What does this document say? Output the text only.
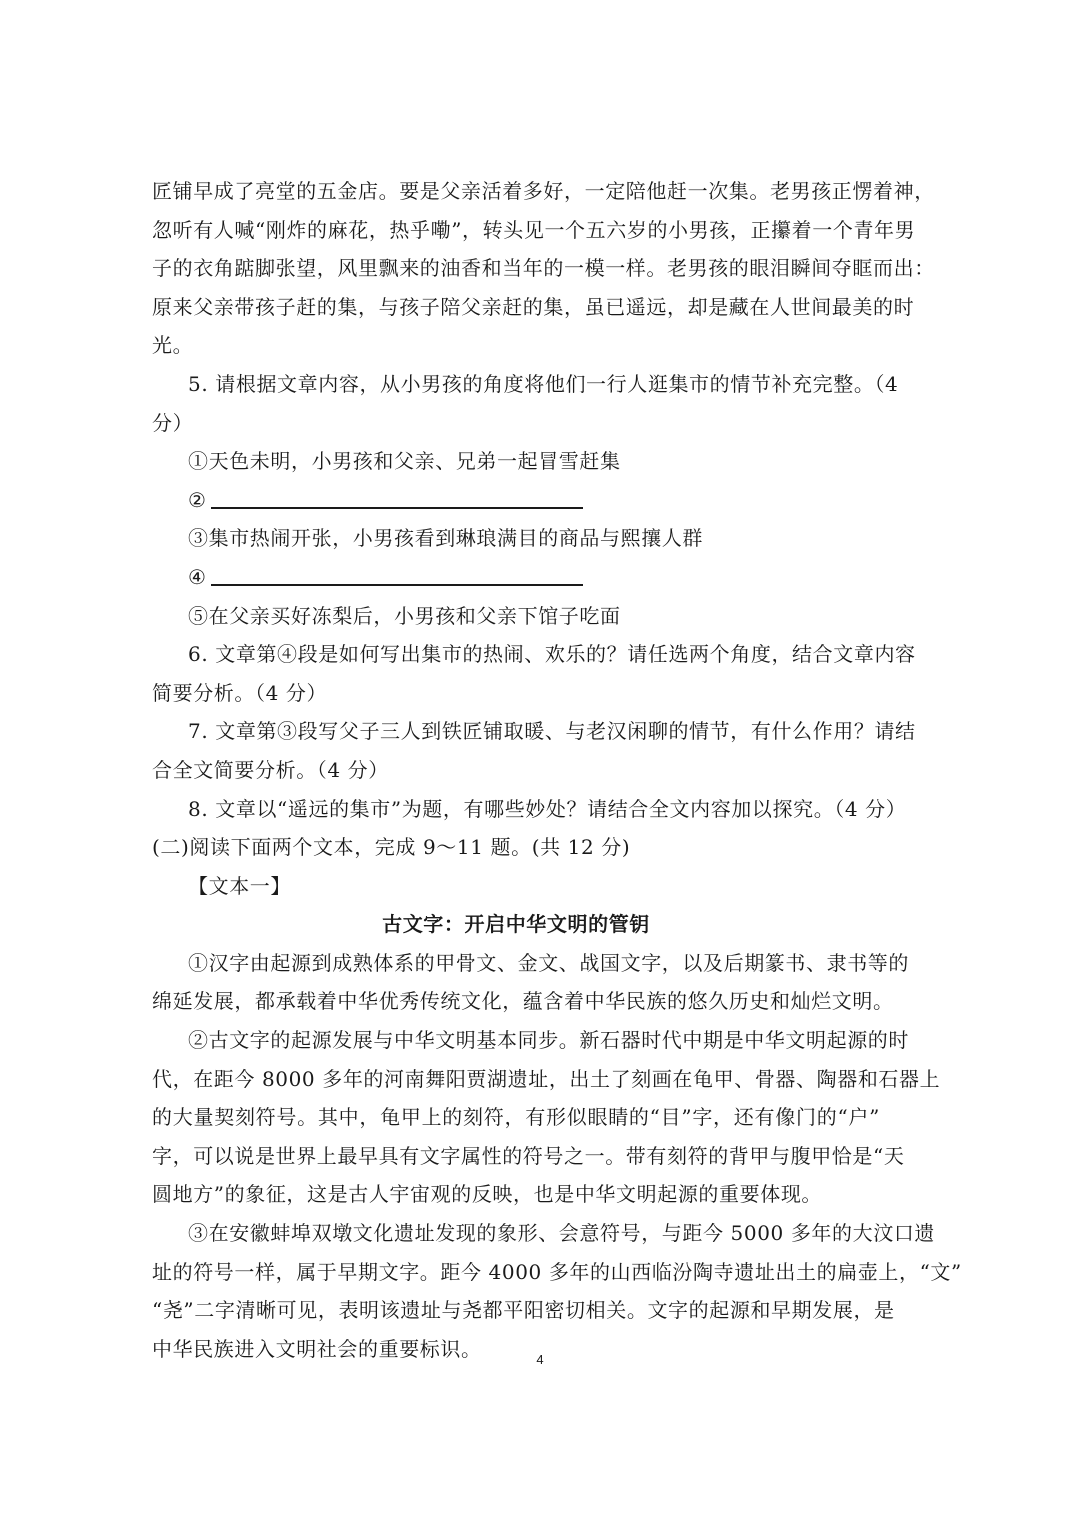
匠铺早成了亮堂的五金店。要是父亲活着多好，一定陪他赶一次集。老男孩正愣着神，
忽听有人喊“刚炸的麻花，热乎嘞”，转头见一个五六岁的小男孩，正攥着一个青年男
子的衣角踮脚张望，风里飘来的油香和当年的一模一样。老男孩的眼泪瞬间夺眶而出：
原来父亲带孩子赶的集，与孩子陪父亲赶的集，虽已遥远，却是藏在人世间最美的时
光。
5. 请根据文章内容，从小男孩的角度将他们一行人逛集市的情节补充完整。（4
分）
①天色未明，小男孩和父亲、兄弟一起冒雪赶集
②
③集市热闹开张，小男孩看到琳琅满目的商品与熙攘人群
④
⑤在父亲买好冻梨后，小男孩和父亲下馆子吃面
6. 文章第④段是如何写出集市的热闹、欢乐的？请任选两个角度，结合文章内容
简要分析。（4 分）
7. 文章第③段写父子三人到铁匠铺取暖、与老汉闲聊的情节，有什么作用？请结
合全文简要分析。（4 分）
8. 文章以“遥远的集市”为题，有哪些妙处？请结合全文内容加以探究。（4 分）
(二)阅读下面两个文本，完成 9～11 题。(共 12 分)
【文本一】
古文字：开启中华文明的管钥
①汉字由起源到成熟体系的甲骨文、金文、战国文字，以及后期篆书、隶书等的
绵延发展，都承载着中华优秀传统文化，蕴含着中华民族的悠久历史和灿烂文明。
②古文字的起源发展与中华文明基本同步。新石器时代中期是中华文明起源的时
代，在距今 8000 多年的河南舞阳贾湖遗址，出土了刻画在龟甲、骨器、陶器和石器上
的大量契刻符号。其中，龟甲上的刻符，有形似眼睛的“目”字，还有像门的“户”
字，可以说是世界上最早具有文字属性的符号之一。带有刻符的背甲与腹甲恰是“天
圆地方”的象征，这是古人宇宙观的反映，也是中华文明起源的重要体现。
③在安徽蚌埠双墩文化遗址发现的象形、会意符号，与距今 5000 多年的大汶口遗
址的符号一样，属于早期文字。距今 4000 多年的山西临汾陶寺遗址出土的扁壶上，“文”
“尧”二字清晰可见，表明该遗址与尧都平阳密切相关。文字的起源和早期发展，是
中华民族进入文明社会的重要标识。	4
